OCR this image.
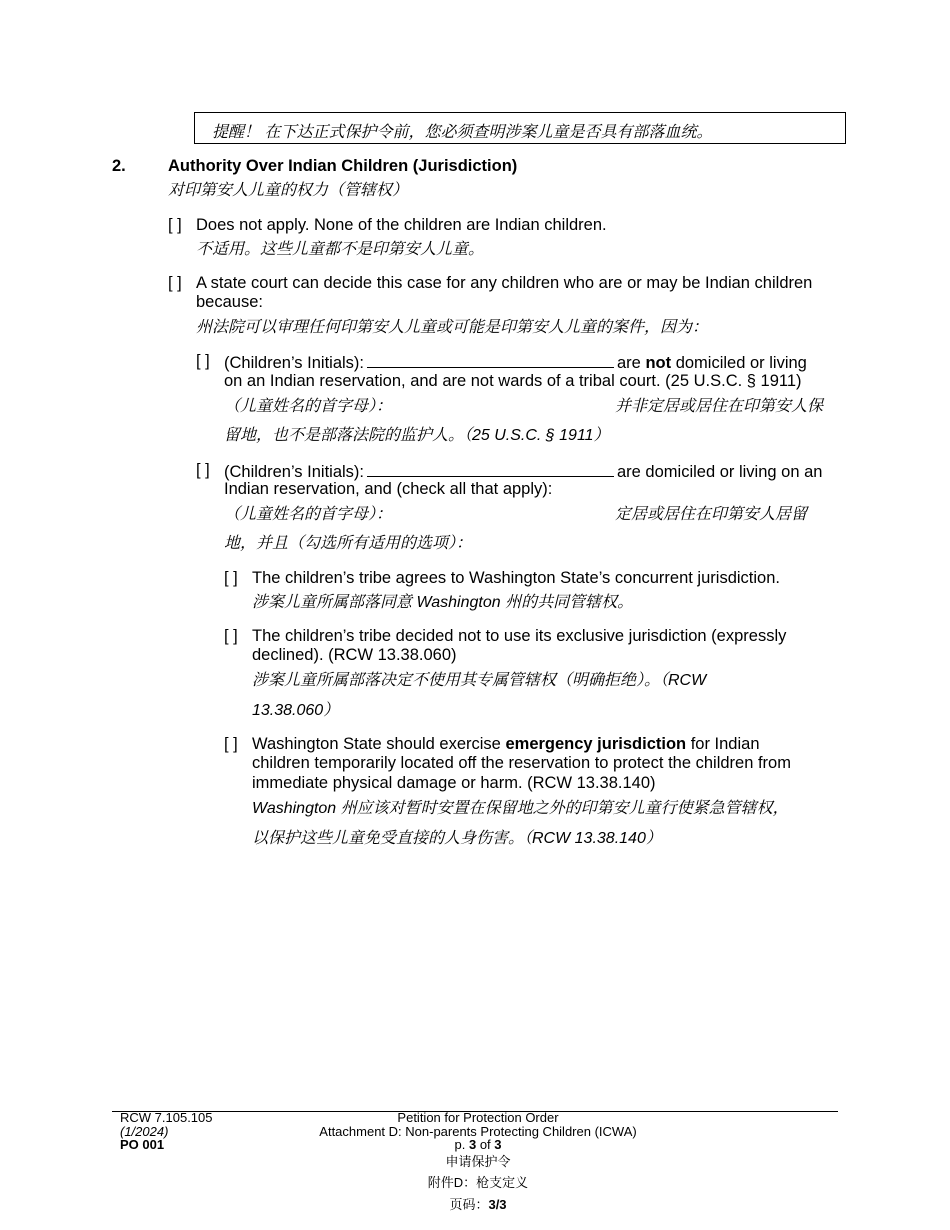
提醒！ 在下达正式保护令前，您必须查明涉案儿童是否具有部落血统。
2.	Authority Over Indian Children (Jurisdiction)
对印第安人儿童的权力（管辖权）
[ ] Does not apply. None of the children are Indian children.
不适用。这些儿童都不是印第安人儿童。
[ ] A state court can decide this case for any children who are or may be Indian children
because:
州法院可以审理任何印第安人儿童或可能是印第安人儿童的案件，因为：
[ ] (Children’s Initials):	are not domiciled or living
on an Indian reservation, and are not wards of a tribal court. (25 U.S.C. § 1911)
（儿童姓名的首字母）：	并非定居或居住在印第安人保
留地，也不是部落法院的监护人。（25 U.S.C. § 1911）
[ ] (Children’s Initials):	are domiciled or living on an
Indian reservation, and (check all that apply):
（儿童姓名的首字母）：	定居或居住在印第安人居留
地，并且（勾选所有适用的选项）：
[ ] The children’s tribe agrees to Washington State’s concurrent jurisdiction.
涉案儿童所属部落同意 Washington 州的共同管辖权。
[ ] The children’s tribe decided not to use its exclusive jurisdiction (expressly
declined). (RCW 13.38.060)
涉案儿童所属部落决定不使用其专属管辖权（明确拒绝）。（RCW
13.38.060）
[ ] Washington State should exercise emergency jurisdiction for Indian
children temporarily located off the reservation to protect the children from
immediate physical damage or harm. (RCW 13.38.140)
Washington 州应该对暂时安置在保留地之外的印第安儿童行使紧急管辖权，
以保护这些儿童免受直接的人身伤害。（RCW 13.38.140）
RCW 7.105.105
(1/2024)
PO 001
Petition for Protection Order
Attachment D: Non-parents Protecting Children (ICWA)
p. 3 of 3
申请保护令
附件D：枪支定义
页码：3/3
